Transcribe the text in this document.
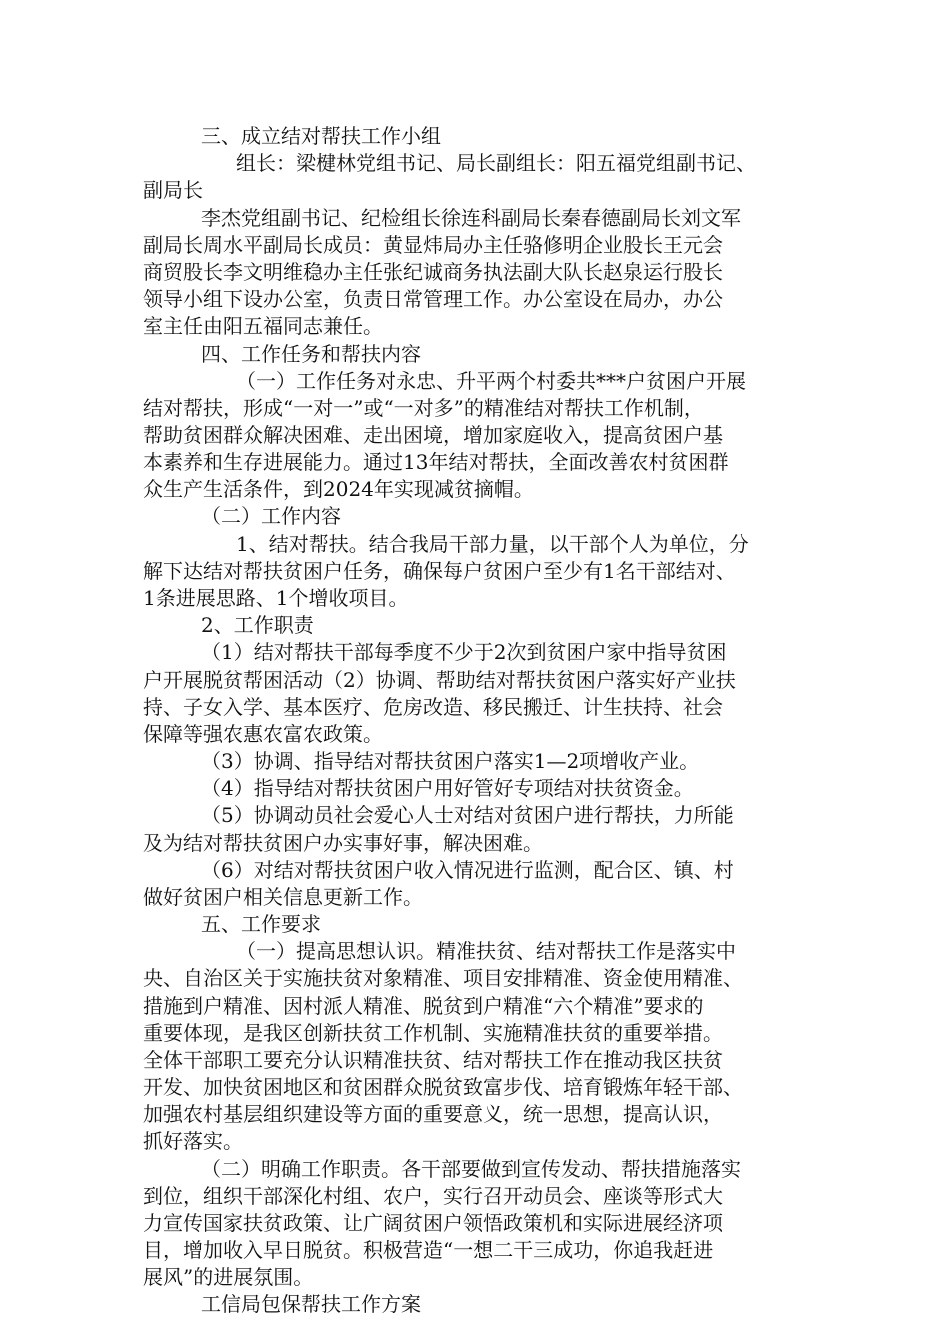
三、成立结对帮扶工作小组
组长：梁楗林党组书记、局长副组长：阳五福党组副书记、
副局长
李杰党组副书记、纪检组长徐连科副局长秦春德副局长刘文军
副局长周水平副局长成员：黄显炜局办主任骆修明企业股长王元会
商贸股长李文明维稳办主任张纪诚商务执法副大队长赵泉运行股长
领导小组下设办公室，负责日常管理工作。办公室设在局办，办公
室主任由阳五福同志兼任。
四、工作任务和帮扶内容
（一）工作任务对永忠、升平两个村委共***户贫困户开展
结对帮扶，形成“一对一”或“一对多”的精准结对帮扶工作机制，
帮助贫困群众解决困难、走出困境，增加家庭收入，提高贫困户基
本素养和生存进展能力。通过13年结对帮扶，全面改善农村贫困群
众生产生活条件，到2024年实现减贫摘帽。
（二）工作内容
1、结对帮扶。结合我局干部力量，以干部个人为单位，分
解下达结对帮扶贫困户任务，确保每户贫困户至少有1名干部结对、
1条进展思路、1个增收项目。
2、工作职责
（1）结对帮扶干部每季度不少于2次到贫困户家中指导贫困
户开展脱贫帮困活动（2）协调、帮助结对帮扶贫困户落实好产业扶
持、子女入学、基本医疗、危房改造、移民搬迁、计生扶持、社会
保障等强农惠农富农政策。
（3）协调、指导结对帮扶贫困户落实1—2项增收产业。
（4）指导结对帮扶贫困户用好管好专项结对扶贫资金。
（5）协调动员社会爱心人士对结对贫困户进行帮扶，力所能
及为结对帮扶贫困户办实事好事，解决困难。
（6）对结对帮扶贫困户收入情况进行监测，配合区、镇、村
做好贫困户相关信息更新工作。
五、工作要求
（一）提高思想认识。精准扶贫、结对帮扶工作是落实中
央、自治区关于实施扶贫对象精准、项目安排精准、资金使用精准、
措施到户精准、因村派人精准、脱贫到户精准“六个精准”要求的
重要体现，是我区创新扶贫工作机制、实施精准扶贫的重要举措。
全体干部职工要充分认识精准扶贫、结对帮扶工作在推动我区扶贫
开发、加快贫困地区和贫困群众脱贫致富步伐、培育锻炼年轻干部、
加强农村基层组织建设等方面的重要意义，统一思想，提高认识，
抓好落实。
（二）明确工作职责。各干部要做到宣传发动、帮扶措施落实
到位，组织干部深化村组、农户，实行召开动员会、座谈等形式大
力宣传国家扶贫政策、让广阔贫困户领悟政策机和实际进展经济项
目，增加收入早日脱贫。积极营造“一想二干三成功，你追我赶进
展风”的进展氛围。
工信局包保帮扶工作方案
